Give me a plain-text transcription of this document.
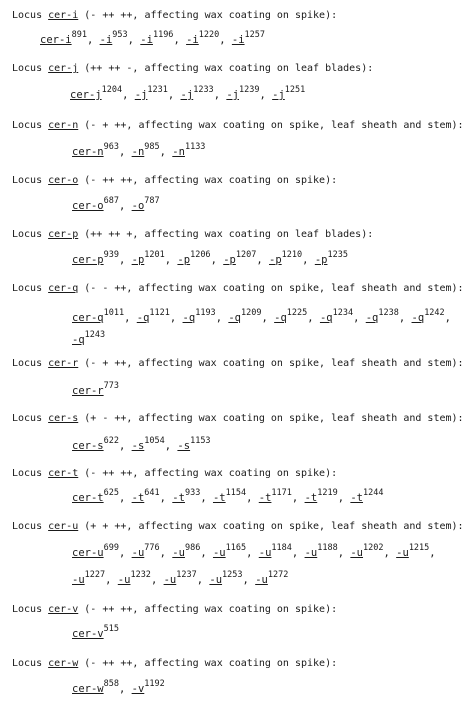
Locus cer-i (- ++ ++, affecting wax coating on spike):
cer-$i^{891}$, $-i^{953}$, $-i^{1196}$, $-i^{1220}$, $-i^{1257}$
Locus cer-j (++ ++ -, affecting wax coating on leaf blades):
cer-$j^{1204}$, $-j^{1231}$, $-j^{1233}$, $-j^{1239}$, $-j^{1251}$
Locus cer-n (- + ++, affecting wax coating on spike, leaf sheath and stem):
cer-$n^{963}$, $-n^{985}$, $-n^{1133}$
Locus cer-o (- ++ ++, affecting wax coating on spike):
cer-$o^{687}$, $-o^{787}$
Locus cer-p (++ ++ +, affecting wax coating on leaf blades):
cer-$p^{939}$, $-p^{1201}$, $-p^{1206}$, $-p^{1207}$, $-p^{1210}$, $-p^{1235}$
Locus cer-q (- - ++, affecting wax coating on spike, leaf sheath and stem):
cer-$q^{1011}$, $-q^{1121}$, $-q^{1193}$, $-q^{1209}$, $-q^{1225}$, $-q^{1234}$, $-q^{1238}$, $-q^{1242}$,
$-q^{1243}$
Locus cer-r (- + ++, affecting wax coating on spike, leaf sheath and stem):
cer-$r^{773}$
Locus cer-s (+ - ++, affecting wax coating on spike, leaf sheath and stem):
cer-$s^{622}$, $-s^{1054}$, $-s^{1153}$
Locus cer-t (- ++ ++, affecting wax coating on spike):
cer-$t^{625}$, $-t^{641}$, $-t^{933}$, $-t^{1154}$, $-t^{1171}$, $-t^{1219}$, $-t^{1244}$
Locus cer-u (+ + ++, affecting wax coating on spike, leaf sheath and stem):
cer-$u^{699}$, $-u^{776}$, $-u^{986}$, $-u^{1165}$, $-u^{1184}$, $-u^{1188}$, $-u^{1202}$, $-u^{1215}$,
$-u^{1227}$, $-u^{1232}$, $-u^{1237}$, $-u^{1253}$, $-u^{1272}$
Locus cer-v (- ++ ++, affecting wax coating on spike):
cer-$v^{515}$
Locus cer-w (- ++ ++, affecting wax coating on spike):
cer-$w^{858}$, $-v^{1192}$
